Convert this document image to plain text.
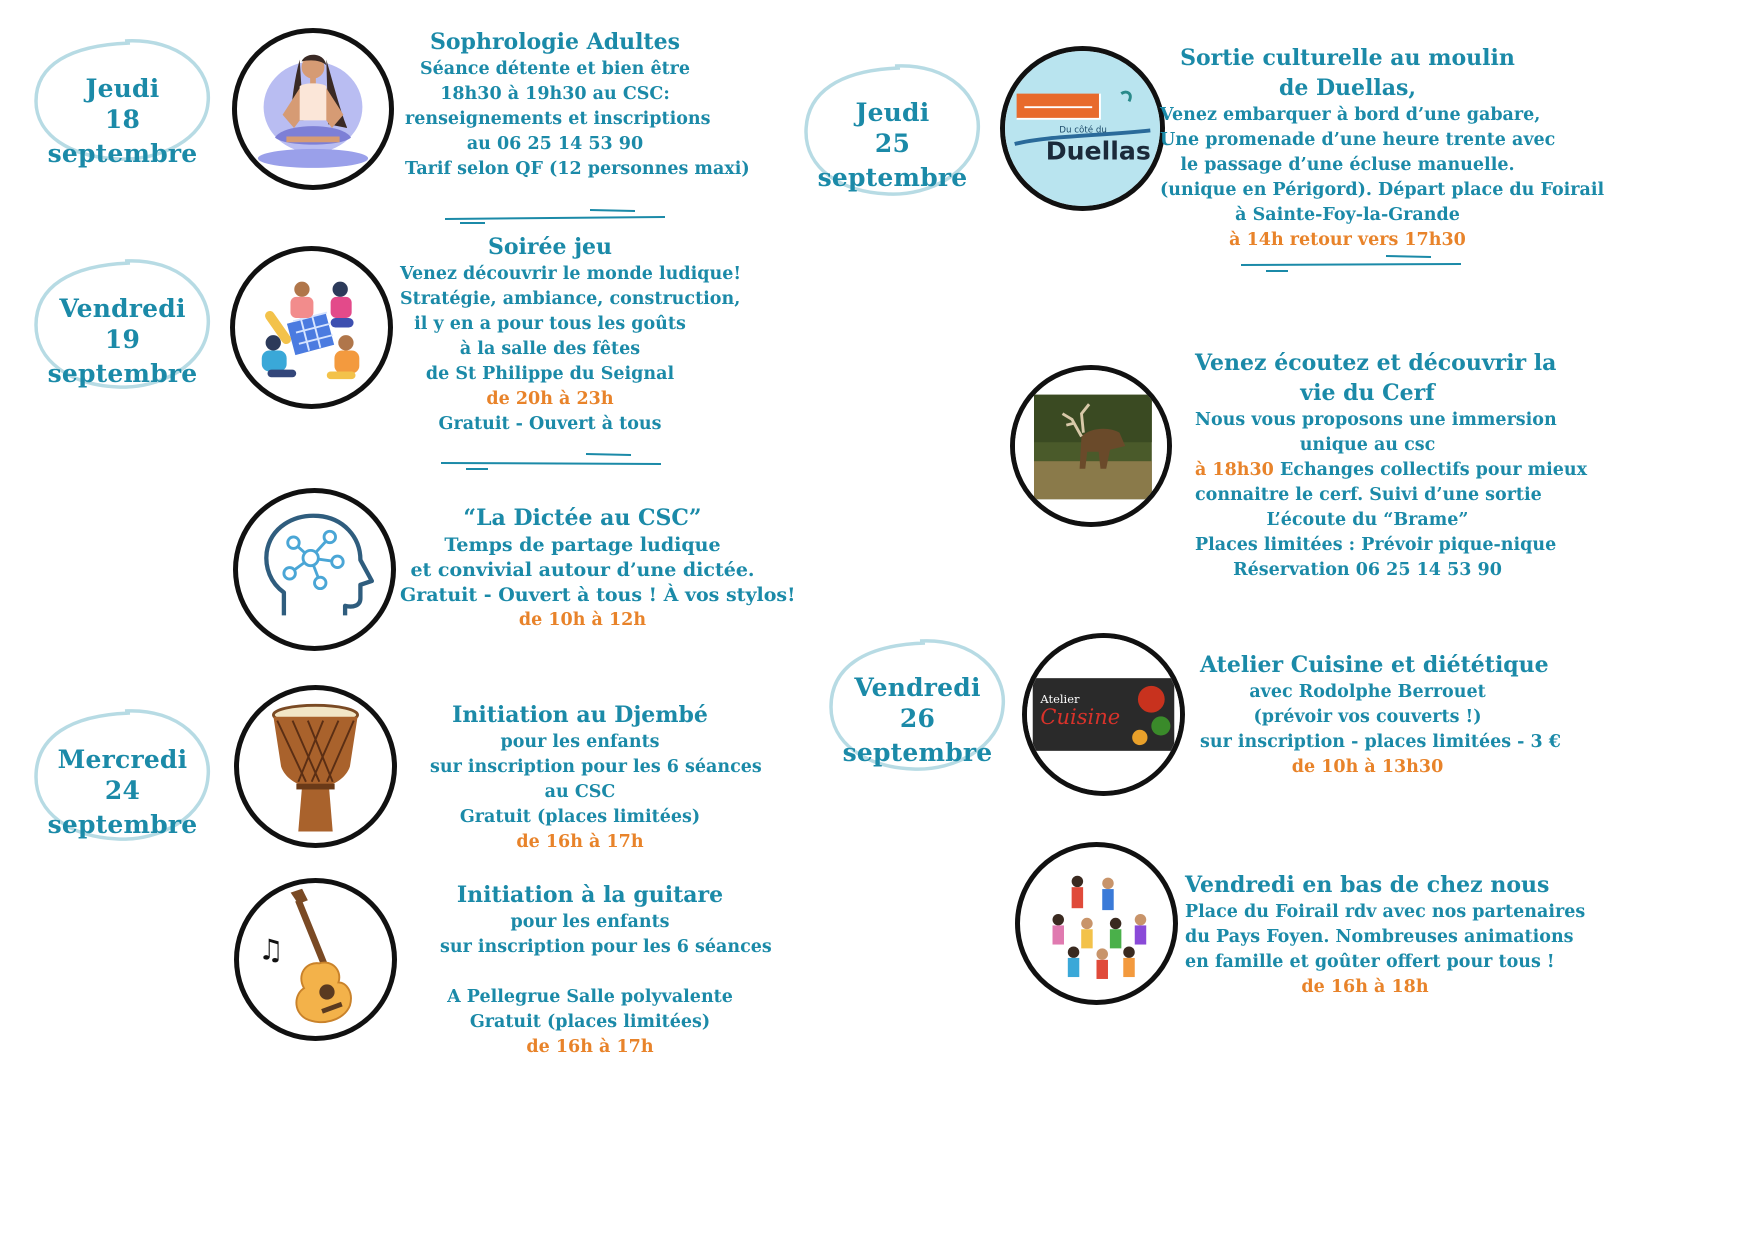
Jeudi
18 septembre
Vendredi
19 septembre
Mercredi
24 septembre
Jeudi
25 septembre
Vendredi
26 septembre
♫
Du côté du
Duellas
Atelier
Cuisine
Sophrologie Adultes
Séance détente et bien être
18h30 à 19h30 au CSC:
renseignements et inscriptions
au 06 25 14 53 90
Tarif selon QF (12 personnes maxi)
Soirée jeu
Venez découvrir le monde ludique!
Stratégie, ambiance, construction,
il y en a pour tous les goûts
à la salle des fêtes
de St Philippe du Seignal
de 20h à 23h
Gratuit - Ouvert à tous
“La Dictée au CSC”
Temps de partage ludique
et convivial autour d’une dictée.
Gratuit - Ouvert à tous ! À vos stylos!
de 10h à 12h
Initiation au Djembé
pour les enfants
sur inscription pour les 6 séances
au CSC
Gratuit (places limitées)
de 16h à 17h
Initiation à la guitare
pour les enfants
sur inscription pour les 6 séances
A Pellegrue Salle polyvalente
Gratuit (places limitées)
de 16h à 17h
Sortie culturelle au moulin
de Duellas,
Venez embarquer à bord d’une gabare,
Une promenade d’une heure trente avec
le passage d’une écluse manuelle.
(unique en Périgord). Départ place du Foirail
à Sainte-Foy-la-Grande
à 14h retour vers 17h30
Venez écoutez et découvrir la
vie du Cerf
Nous vous proposons une immersion
unique au csc
à 18h30 Echanges collectifs pour mieux
connaitre le cerf. Suivi d’une sortie
L’écoute du “Brame”
Places limitées : Prévoir pique-nique
Réservation 06 25 14 53 90
Atelier Cuisine et diététique
avec Rodolphe Berrouet
(prévoir vos couverts !)
sur inscription - places limitées - 3 €
de 10h à 13h30
Vendredi en bas de chez nous
Place du Foirail rdv avec nos partenaires
du Pays Foyen. Nombreuses animations
en famille et goûter offert pour tous !
de 16h à 18h
